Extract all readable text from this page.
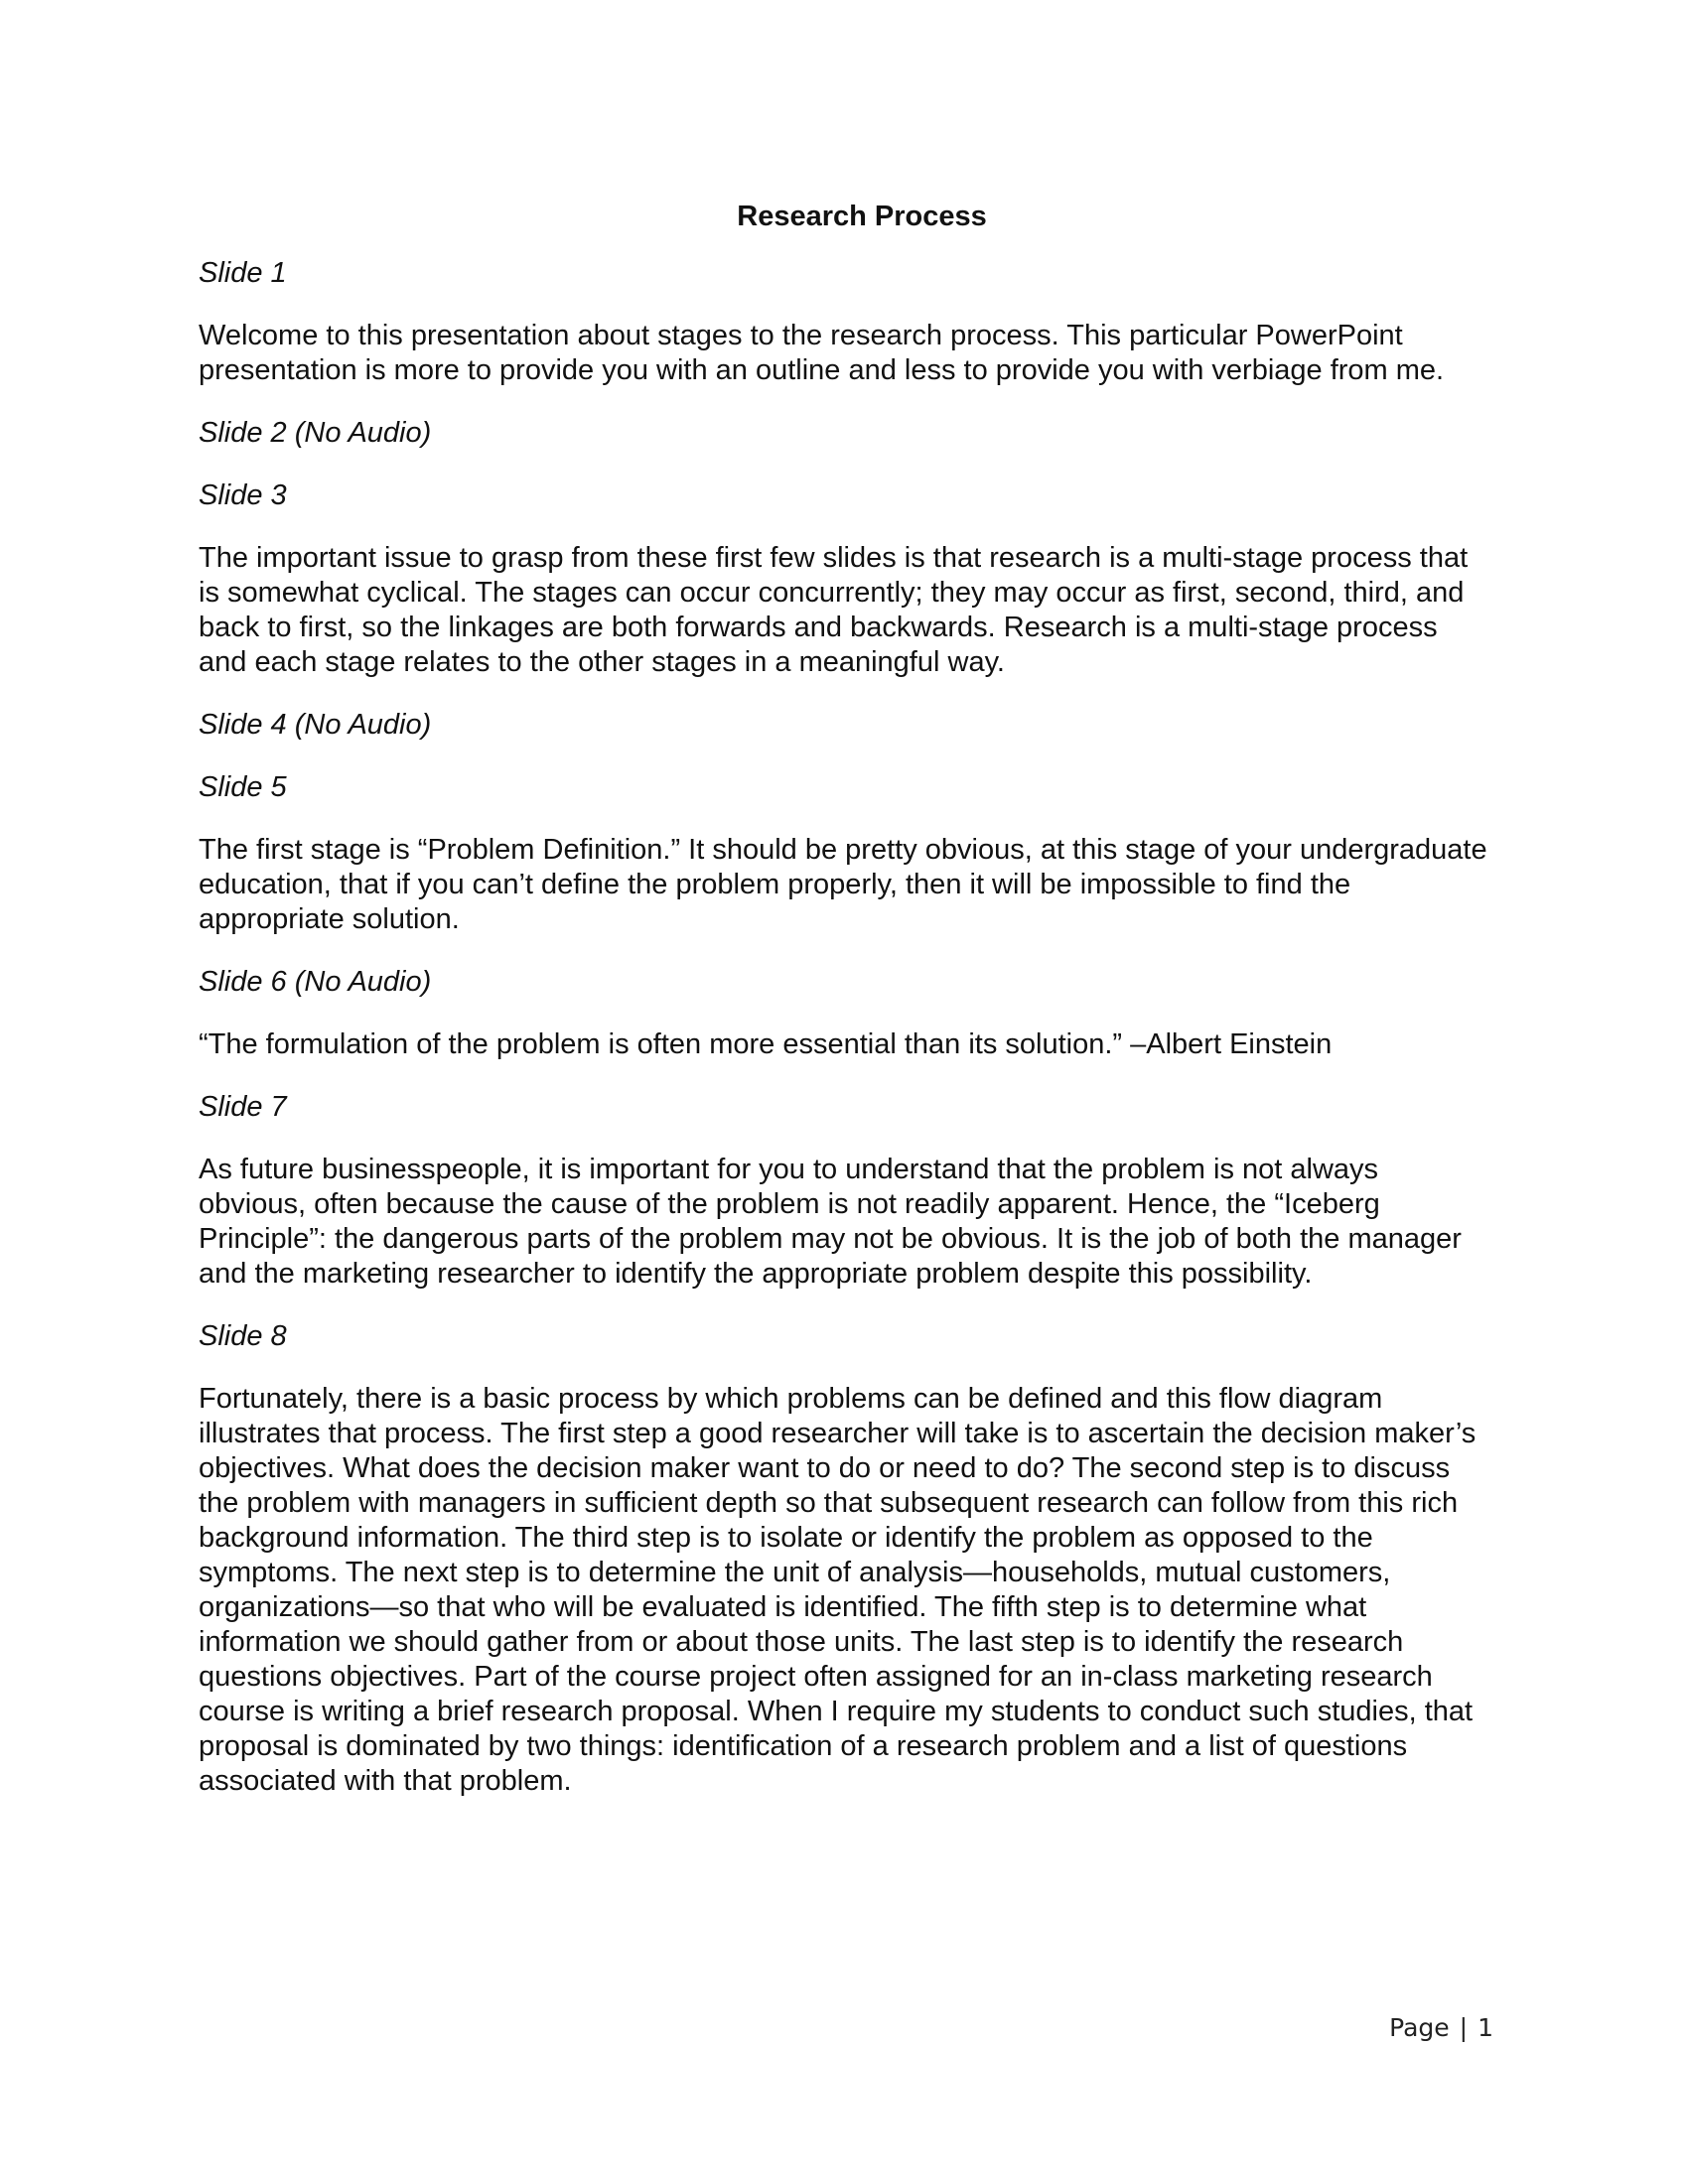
Research Process
Slide 1
Welcome to this presentation about stages to the research process. This particular PowerPoint presentation is more to provide you with an outline and less to provide you with verbiage from me.
Slide 2 (No Audio)
Slide 3
The important issue to grasp from these first few slides is that research is a multi-stage process that is somewhat cyclical. The stages can occur concurrently; they may occur as first, second, third, and back to first, so the linkages are both forwards and backwards. Research is a multi-stage process and each stage relates to the other stages in a meaningful way.
Slide 4 (No Audio)
Slide 5
The first stage is “Problem Definition.” It should be pretty obvious, at this stage of your undergraduate education, that if you can’t define the problem properly, then it will be impossible to find the appropriate solution.
Slide 6 (No Audio)
“The formulation of the problem is often more essential than its solution.” –Albert Einstein
Slide 7
As future businesspeople, it is important for you to understand that the problem is not always obvious, often because the cause of the problem is not readily apparent. Hence, the “Iceberg Principle”: the dangerous parts of the problem may not be obvious. It is the job of both the manager and the marketing researcher to identify the appropriate problem despite this possibility.
Slide 8
Fortunately, there is a basic process by which problems can be defined and this flow diagram illustrates that process. The first step a good researcher will take is to ascertain the decision maker’s objectives. What does the decision maker want to do or need to do? The second step is to discuss the problem with managers in sufficient depth so that subsequent research can follow from this rich background information. The third step is to isolate or identify the problem as opposed to the symptoms. The next step is to determine the unit of analysis—households, mutual customers, organizations—so that who will be evaluated is identified. The fifth step is to determine what information we should gather from or about those units. The last step is to identify the research questions objectives. Part of the course project often assigned for an in-class marketing research course is writing a brief research proposal. When I require my students to conduct such studies, that proposal is dominated by two things: identification of a research problem and a list of questions associated with that problem.
Page | 1
